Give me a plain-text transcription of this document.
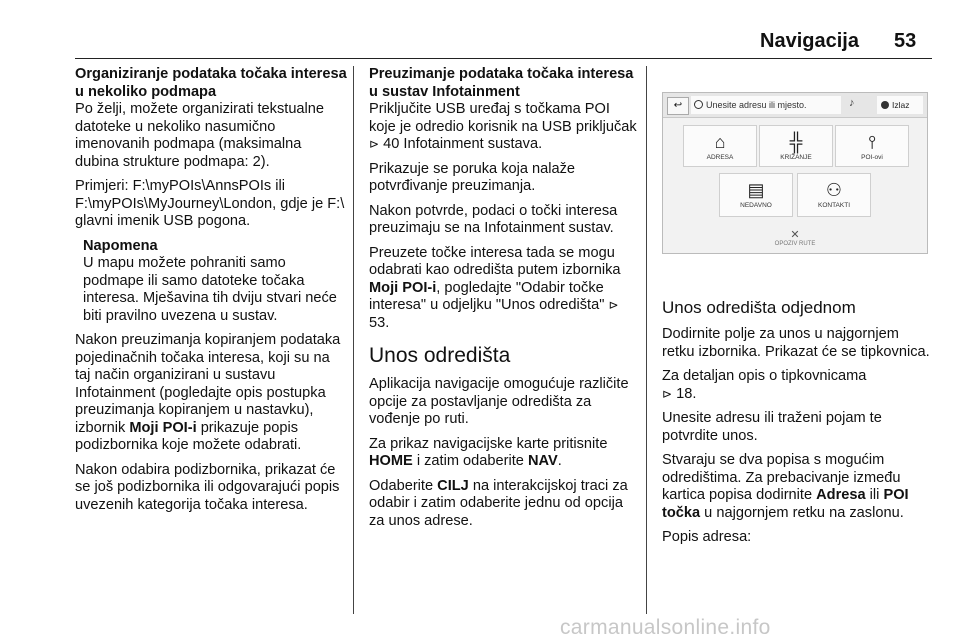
Navigacija 53

Organiziranje podataka točaka interesa u nekoliko podmapa

Po želji, možete organizirati tekstualne datoteke u nekoliko nasumično imenovanih podmapa (maksimalna dubina strukture podmapa: 2).

Primjeri: F:\myPOIs\AnnsPOIs ili F:\myPOIs\MyJourney\London, gdje je F:\ glavni imenik USB pogona.

Napomena

U mapu možete pohraniti samo podmape ili samo datoteke točaka interesa. Mješavina tih dviju stvari neće biti pravilno uvezena u sustav.

Nakon preuzimanja kopiranjem podataka pojedinačnih točaka interesa, koji su na taj način organizirani u sustavu Infotainment (pogledajte opis postupka preuzimanja kopiranjem u nastavku), izbornik Moji POI-i prikazuje popis podizbornika koje možete odabrati.

Nakon odabira podizbornika, prikazat će se još podizbornika ili odgovarajući popis uvezenih kategorija točaka interesa.

Preuzimanje podataka točaka interesa u sustav Infotainment

Priključite USB uređaj s točkama POI koje je odredio korisnik na USB priključak ⊳ 40 Infotainment sustava.

Prikazuje se poruka koja nalaže potvrđivanje preuzimanja.

Nakon potvrde, podaci o točki interesa preuzimaju se na Infotainment sustav.

Preuzete točke interesa tada se mogu odabrati kao odredišta putem izbornika Moji POI-i, pogledajte "Odabir točke interesa" u odjeljku "Unos odredišta" ⊳ 53.

Unos odredišta

Aplikacija navigacije omogućuje različite opcije za postavljanje odredišta za vođenje po ruti.

Za prikaz navigacijske karte pritisnite HOME i zatim odaberite NAV.

Odaberite CILJ na interakcijskoj traci za odabir i zatim odaberite jednu od opcija za unos adrese.

↩	Unesite adresu ili mjesto.	♪	Izlaz
⌂
ADRESA
╬
KRIŽANJE
⫯
POI-ovi
▤
NEDAVNO
⚇
KONTAKTI
✕
OPOZIV RUTE
Unos odredišta odjednom

Dodirnite polje za unos u najgornjem retku izbornika. Prikazat će se tipkovnica.

Za detaljan opis o tipkovnicama
⊳ 18.

Unesite adresu ili traženi pojam te potvrdite unos.

Stvaraju se dva popisa s mogućim odredištima. Za prebacivanje između kartica popisa dodirnite Adresa ili POI točka u najgornjem retku na zaslonu.

Popis adresa:

carmanualsonline.info
